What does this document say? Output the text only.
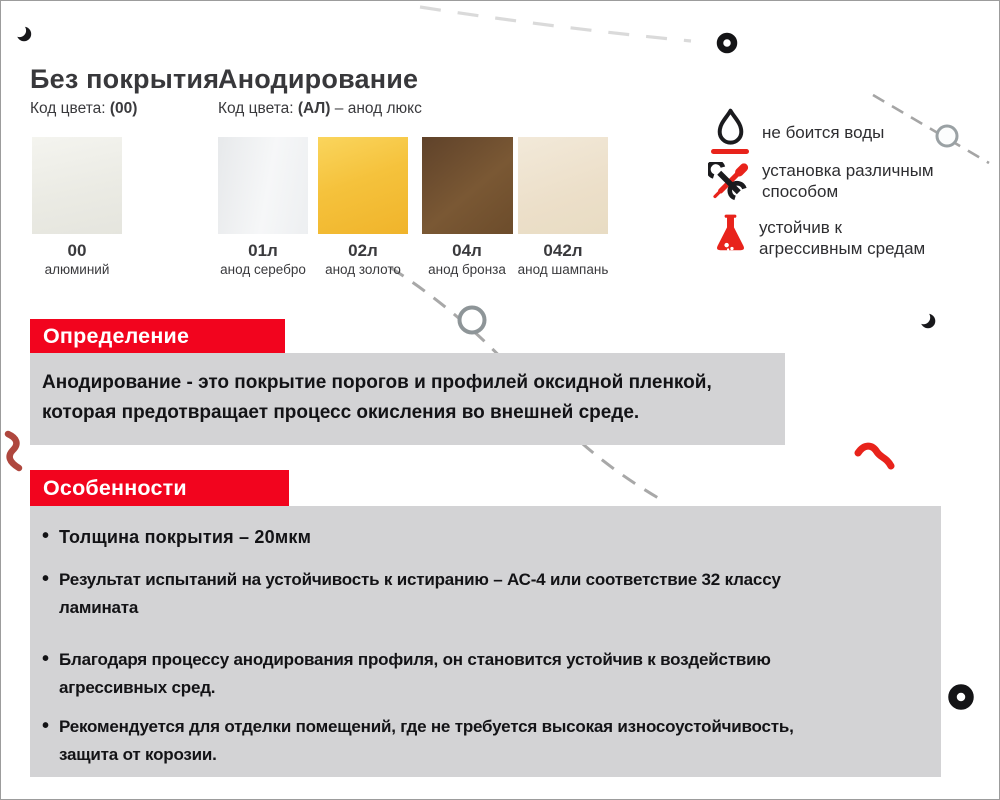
Без покрытия

Код цвета: (00)

Анодирование

Код цвета: (АЛ) – анод люкс

00
алюминий
01л
анод серебро
02л
анод золото
04л
анод бронза
042л
анод шампань
не боится воды
установка различным
способом
устойчив к
агрессивным средам
Определение

Анодирование - это покрытие порогов и профилей оксидной пленкой,
которая предотвращает процесс окисления во внешней среде.

Особенности
• Толщина покрытия – 20мкм
• Результат испытаний на устойчивость к истиранию – АС-4 или соответствие 32 классу
ламината
• Благодаря процессу анодирования профиля, он становится устойчив к воздействию
агрессивных сред.
• Рекомендуется для отделки помещений, где не требуется высокая износоустойчивость,
защита от корозии.
